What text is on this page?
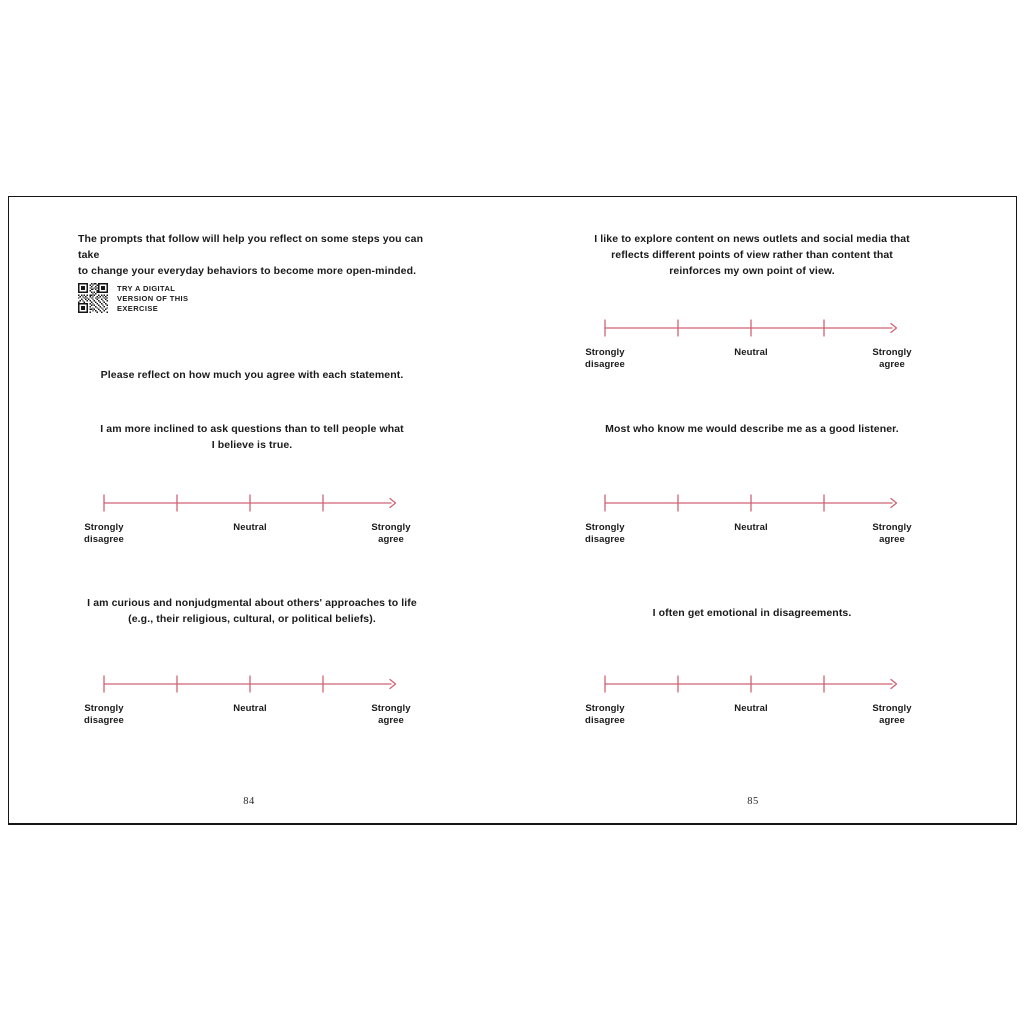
The prompts that follow will help you reflect on some steps you can take
to change your everyday behaviors to become more open-minded.
TRY A DIGITAL
VERSION OF THIS
EXERCISE
Please reflect on how much you agree with each statement.
I am more inclined to ask questions than to tell people what
I believe is true.
Strongly
disagree
Neutral	Strongly
agree
I am curious and nonjudgmental about others' approaches to life
(e.g., their religious, cultural, or political beliefs).
Strongly
disagree
Neutral	Strongly
agree
84
I like to explore content on news outlets and social media that
reflects different points of view rather than content that
reinforces my own point of view.
Strongly
disagree
Neutral	Strongly
agree
Most who know me would describe me as a good listener.
Strongly
disagree
Neutral	Strongly
agree
I often get emotional in disagreements.
Strongly
disagree
Neutral	Strongly
agree
85
